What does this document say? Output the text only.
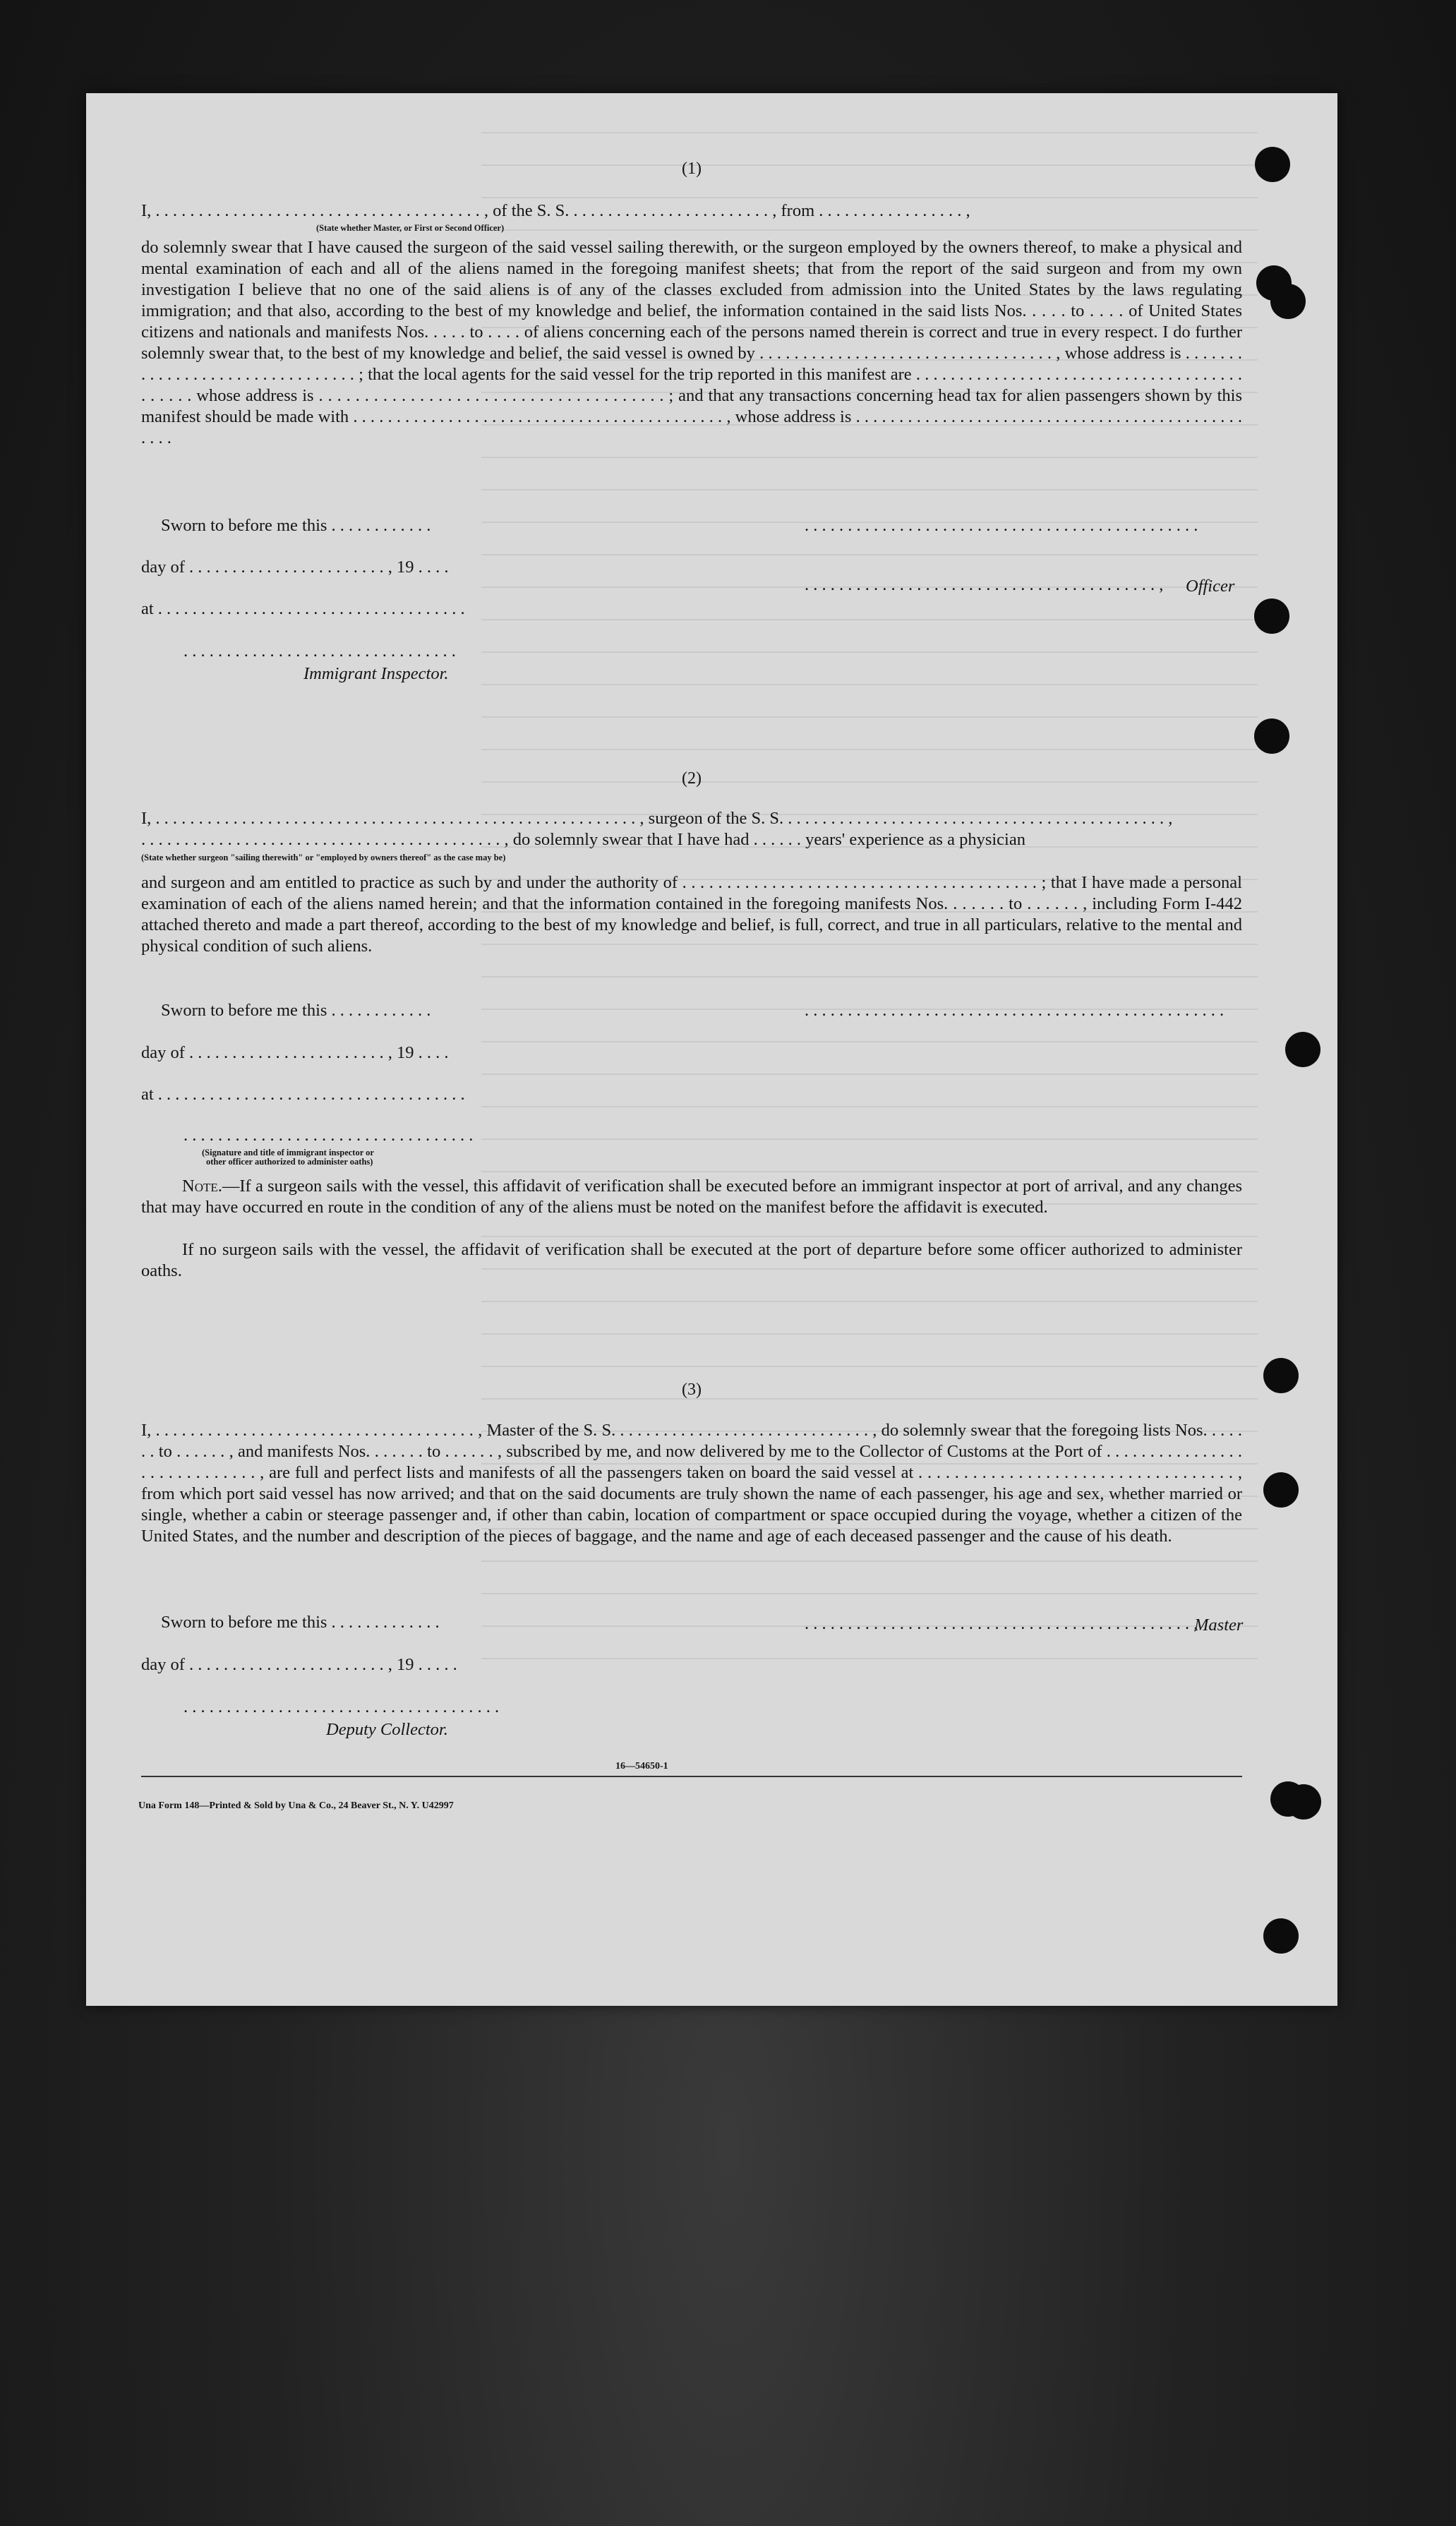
(1)
I, . . . . . . . . . . . . . . . . . . . . . . . . . . . . . . . . . . . . . . , of the S. S. . . . . . . . . . . . . . . . . . . . . . . . , from . . . . . . . . . . . . . . . . . ,
(State whether Master, or First or Second Officer)
do solemnly swear that I have caused the surgeon of the said vessel sailing therewith, or the surgeon employed by the owners thereof, to make a physical and mental examination of each and all of the aliens named in the foregoing manifest sheets; that from the report of the said surgeon and from my own investigation I believe that no one of the said aliens is of any of the classes excluded from admission into the United States by the laws regulating immigration; and that also, according to the best of my knowledge and belief, the information contained in the said lists Nos. . . . . to . . . . of United States citizens and nationals and manifests Nos. . . . . to . . . . of aliens concerning each of the persons named therein is correct and true in every respect. I do further solemnly swear that, to the best of my knowledge and belief, the said vessel is owned by . . . . . . . . . . . . . . . . . . . . . . . . . . . . . . . . . . , whose address is . . . . . . . . . . . . . . . . . . . . . . . . . . . . . . . . ; that the local agents for the said vessel for the trip reported in this manifest are . . . . . . . . . . . . . . . . . . . . . . . . . . . . . . . . . . . . . . . . . . . . whose address is . . . . . . . . . . . . . . . . . . . . . . . . . . . . . . . . . . . . . . ; and that any transactions concerning head tax for alien passengers shown by this manifest should be made with . . . . . . . . . . . . . . . . . . . . . . . . . . . . . . . . . . . . . . . . . . . , whose address is . . . . . . . . . . . . . . . . . . . . . . . . . . . . . . . . . . . . . . . . . . . . . . . . .
Sworn to before me this . . . . . . . . . . . .
day of . . . . . . . . . . . . . . . . . . . . . . . , 19 . . . .
at . . . . . . . . . . . . . . . . . . . . . . . . . . . . . . . . . . . .
. . . . . . . . . . . . . . . . . . . . . . . . . . . . . . . .
Immigrant Inspector.
. . . . . . . . . . . . . . . . . . . . . . . . . . . . . . . . . . . . . . . . . . . . . .
. . . . . . . . . . . . . . . . . . . . . . . . . . . . . . . . . . . . . . . . . , Officer
(2)
I, . . . . . . . . . . . . . . . . . . . . . . . . . . . . . . . . . . . . . . . . . . . . . . . . . . . . . . . . , surgeon of the S. S. . . . . . . . . . . . . . . . . . . . . . . . . . . . . . . . . . . . . . . . . . . . . ,
. . . . . . . . . . . . . . . . . . . . . . . . . . . . . . . . . . . . . . . . . . , do solemnly swear that I have had . . . . . . years' experience as a physician
(State whether surgeon "sailing therewith" or "employed by owners thereof" as the case may be)
and surgeon and am entitled to practice as such by and under the authority of . . . . . . . . . . . . . . . . . . . . . . . . . . . . . . . . . . . . . . . . ; that I have made a personal examination of each of the aliens named herein; and that the information contained in the foregoing manifests Nos. . . . . . . to . . . . . . , including Form I-442 attached thereto and made a part thereof, according to the best of my knowledge and belief, is full, correct, and true in all particulars, relative to the mental and physical condition of such aliens.
Sworn to before me this . . . . . . . . . . . .
day of . . . . . . . . . . . . . . . . . . . . . . . , 19 . . . .
at . . . . . . . . . . . . . . . . . . . . . . . . . . . . . . . . . . . .
. . . . . . . . . . . . . . . . . . . . . . . . . . . . . . . . . .
(Signature and title of immigrant inspector or
other officer authorized to administer oaths)
. . . . . . . . . . . . . . . . . . . . . . . . . . . . . . . . . . . . . . . . . . . . . . . . .
Note.—If a surgeon sails with the vessel, this affidavit of verification shall be executed before an immigrant inspector at port of arrival, and any changes that may have occurred en route in the condition of any of the aliens must be noted on the manifest before the affidavit is executed.
If no surgeon sails with the vessel, the affidavit of verification shall be executed at the port of departure before some officer authorized to administer oaths.
(3)
I, . . . . . . . . . . . . . . . . . . . . . . . . . . . . . . . . . . . . . , Master of the S. S. . . . . . . . . . . . . . . . . . . . . . . . . . . . . . , do solemnly swear that the foregoing lists Nos. . . . . . . to . . . . . . , and manifests Nos. . . . . . . to . . . . . . , subscribed by me, and now delivered by me to the Collector of Customs at the Port of . . . . . . . . . . . . . . . . . . . . . . . . . . . . . , are full and perfect lists and manifests of all the passengers taken on board the said vessel at . . . . . . . . . . . . . . . . . . . . . . . . . . . . . . . . . . . , from which port said vessel has now arrived; and that on the said documents are truly shown the name of each passenger, his age and sex, whether married or single, whether a cabin or steerage passenger and, if other than cabin, location of compartment or space occupied during the voyage, whether a citizen of the United States, and the number and description of the pieces of baggage, and the name and age of each deceased passenger and the cause of his death.
Sworn to before me this . . . . . . . . . . . . .
day of . . . . . . . . . . . . . . . . . . . . . . . , 19 . . . . .
. . . . . . . . . . . . . . . . . . . . . . . . . . . . . . . . . . . . .
Deputy Collector.
. . . . . . . . . . . . . . . . . . . . . . . . . . . . . . . . . . . . . . . . . . . . . ,
Master
16—54650-1
Una Form 148—Printed & Sold by Una & Co., 24 Beaver St., N. Y. U42997
